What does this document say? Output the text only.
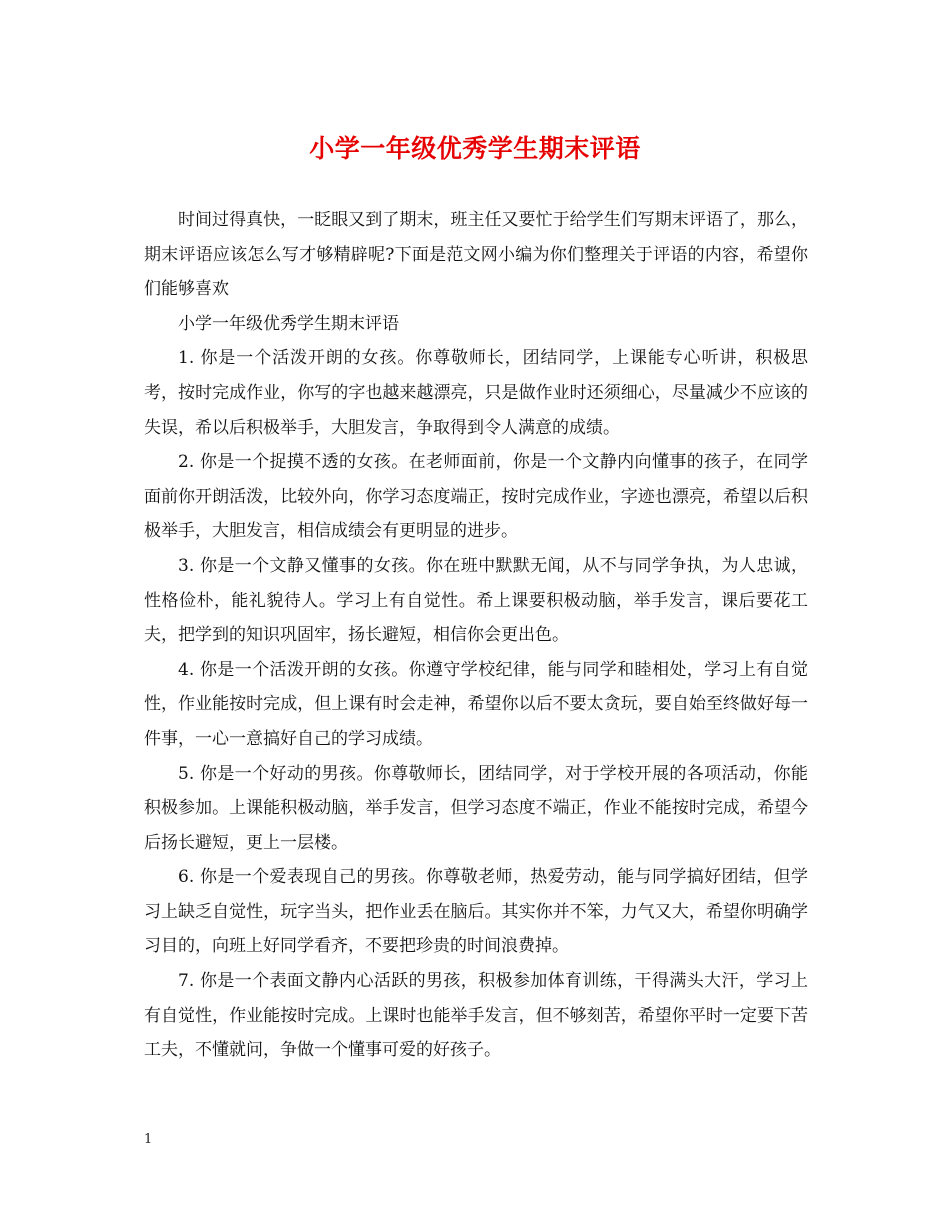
小学一年级优秀学生期末评语

时间过得真快，一眨眼又到了期末，班主任又要忙于给学生们写期末评语了，那么，期末评语应该怎么写才够精辟呢?下面是范文网小编为你们整理关于评语的内容，希望你们能够喜欢

小学一年级优秀学生期末评语

1. 你是一个活泼开朗的女孩。你尊敬师长，团结同学，上课能专心听讲，积极思考，按时完成作业，你写的字也越来越漂亮，只是做作业时还须细心，尽量减少不应该的失误，希以后积极举手，大胆发言，争取得到令人满意的成绩。

2. 你是一个捉摸不透的女孩。在老师面前，你是一个文静内向懂事的孩子，在同学面前你开朗活泼，比较外向，你学习态度端正，按时完成作业，字迹也漂亮，希望以后积极举手，大胆发言，相信成绩会有更明显的进步。

3. 你是一个文静又懂事的女孩。你在班中默默无闻，从不与同学争执，为人忠诚，性格俭朴，能礼貌待人。学习上有自觉性。希上课要积极动脑，举手发言，课后要花工夫，把学到的知识巩固牢，扬长避短，相信你会更出色。

4. 你是一个活泼开朗的女孩。你遵守学校纪律，能与同学和睦相处，学习上有自觉性，作业能按时完成，但上课有时会走神，希望你以后不要太贪玩，要自始至终做好每一件事，一心一意搞好自己的学习成绩。

5. 你是一个好动的男孩。你尊敬师长，团结同学，对于学校开展的各项活动，你能积极参加。上课能积极动脑，举手发言，但学习态度不端正，作业不能按时完成，希望今后扬长避短，更上一层楼。

6. 你是一个爱表现自己的男孩。你尊敬老师，热爱劳动，能与同学搞好团结，但学习上缺乏自觉性，玩字当头，把作业丢在脑后。其实你并不笨，力气又大，希望你明确学习目的，向班上好同学看齐，不要把珍贵的时间浪费掉。

7. 你是一个表面文静内心活跃的男孩，积极参加体育训练，干得满头大汗，学习上有自觉性，作业能按时完成。上课时也能举手发言，但不够刻苦，希望你平时一定要下苦工夫，不懂就问，争做一个懂事可爱的好孩子。

1
